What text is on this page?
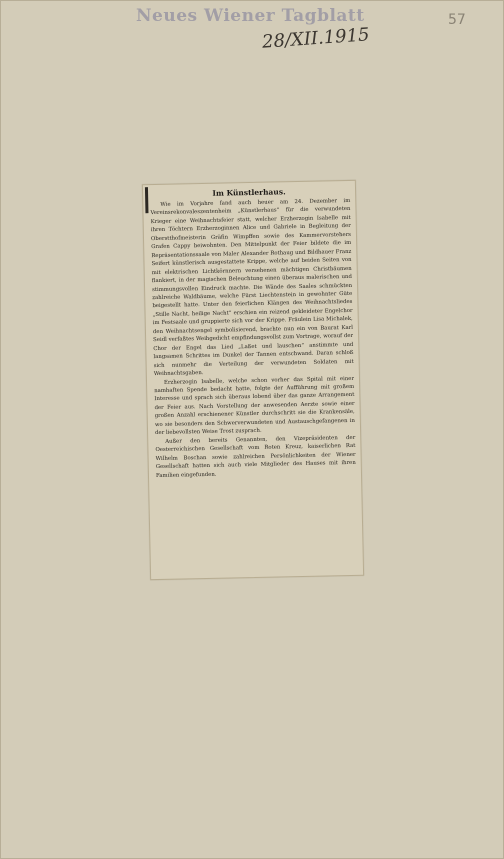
Neues Wiener Tagblatt
28/XII.1915
57
Im Künstlerhaus.

Wie im Vorjahre fand auch heuer am 24. Dezember im Vereinsrekonvaleszentenheim „Künstlerhaus“ für die verwundeten Krieger eine Weihnachtsfeier statt, welcher Erzherzogin Isabelle mit ihren Töchtern Erzherzoginnen Alice und Gabriele in Begleitung der Oberstthofmeisterin Gräfin Wimpffen sowie des Kammervorstehers Grafen Cappy beiwohnten. Den Mittelpunkt der Feier bildete die im Repräsentationssaale von Maler Alexander Rothaug und Bildhauer Franz Seifert künstlerisch ausgestattete Krippe, welche auf beiden Seiten von mit elektrischen Lichtkörnnern versehenen mächtigen Christbäumen flankiert, in der magischen Beleuchtung einen überaus malerischen und stimmungsvollen Eindruck machte. Die Wände des Saales schmückten zahlreiche Waldbäume, welche Fürst Liechtenstein in gewohnter Güte beigestellt hatte. Unter den feierlichen Klängen des Weihnachtsliedes „Stille Nacht, heilige Nacht“ erschien ein reizend gekleideter Engelchor im Festsaale und gruppierte sich vor der Krippe. Fräulein Lisa Michalek, den Weihnachtsengel symbolisierend, brachte nun ein von Baurat Karl Seidl verfaßtes Weihgedicht empfindungsvollst zum Vortrage, worauf der Chor der Engel das Lied „Laßet und lauschen“ anstimmte und langsamen Schrittes im Dunkel der Tannen entschwand. Daran schloß sich nunmehr die Verteilung der verwundeten Soldaten mit Weihnachtsgaben.

Erzherzogin Isabelle, welche schon vorher das Spital mit einer namhaften Spende bedacht hatte, folgte der Aufführung mit großem Interesse und sprach sich überaus lobend über das ganze Arrangement der Feier aus. Nach Vorstellung der anwesenden Aerzte sowie einer großen Anzahl erschienener Künstler durchschritt sie die Krankensäle, wo sie besonders den Schwerverwundeten und Austauschgefangenen in der liebevollsten Weise Trost zusprach.

Außer den bereits Genannten, den Vizepräsidenten der Oesterreichischen Gesellschaft vom Roten Kreuz, kaiserlichen Rat Wilhelm Boschan sowie zahlreichen Persönlichkeiten der Wiener Gesellschaft hatten sich auch viele Mitglieder des Hauses mit ihren Familien eingefunden.
